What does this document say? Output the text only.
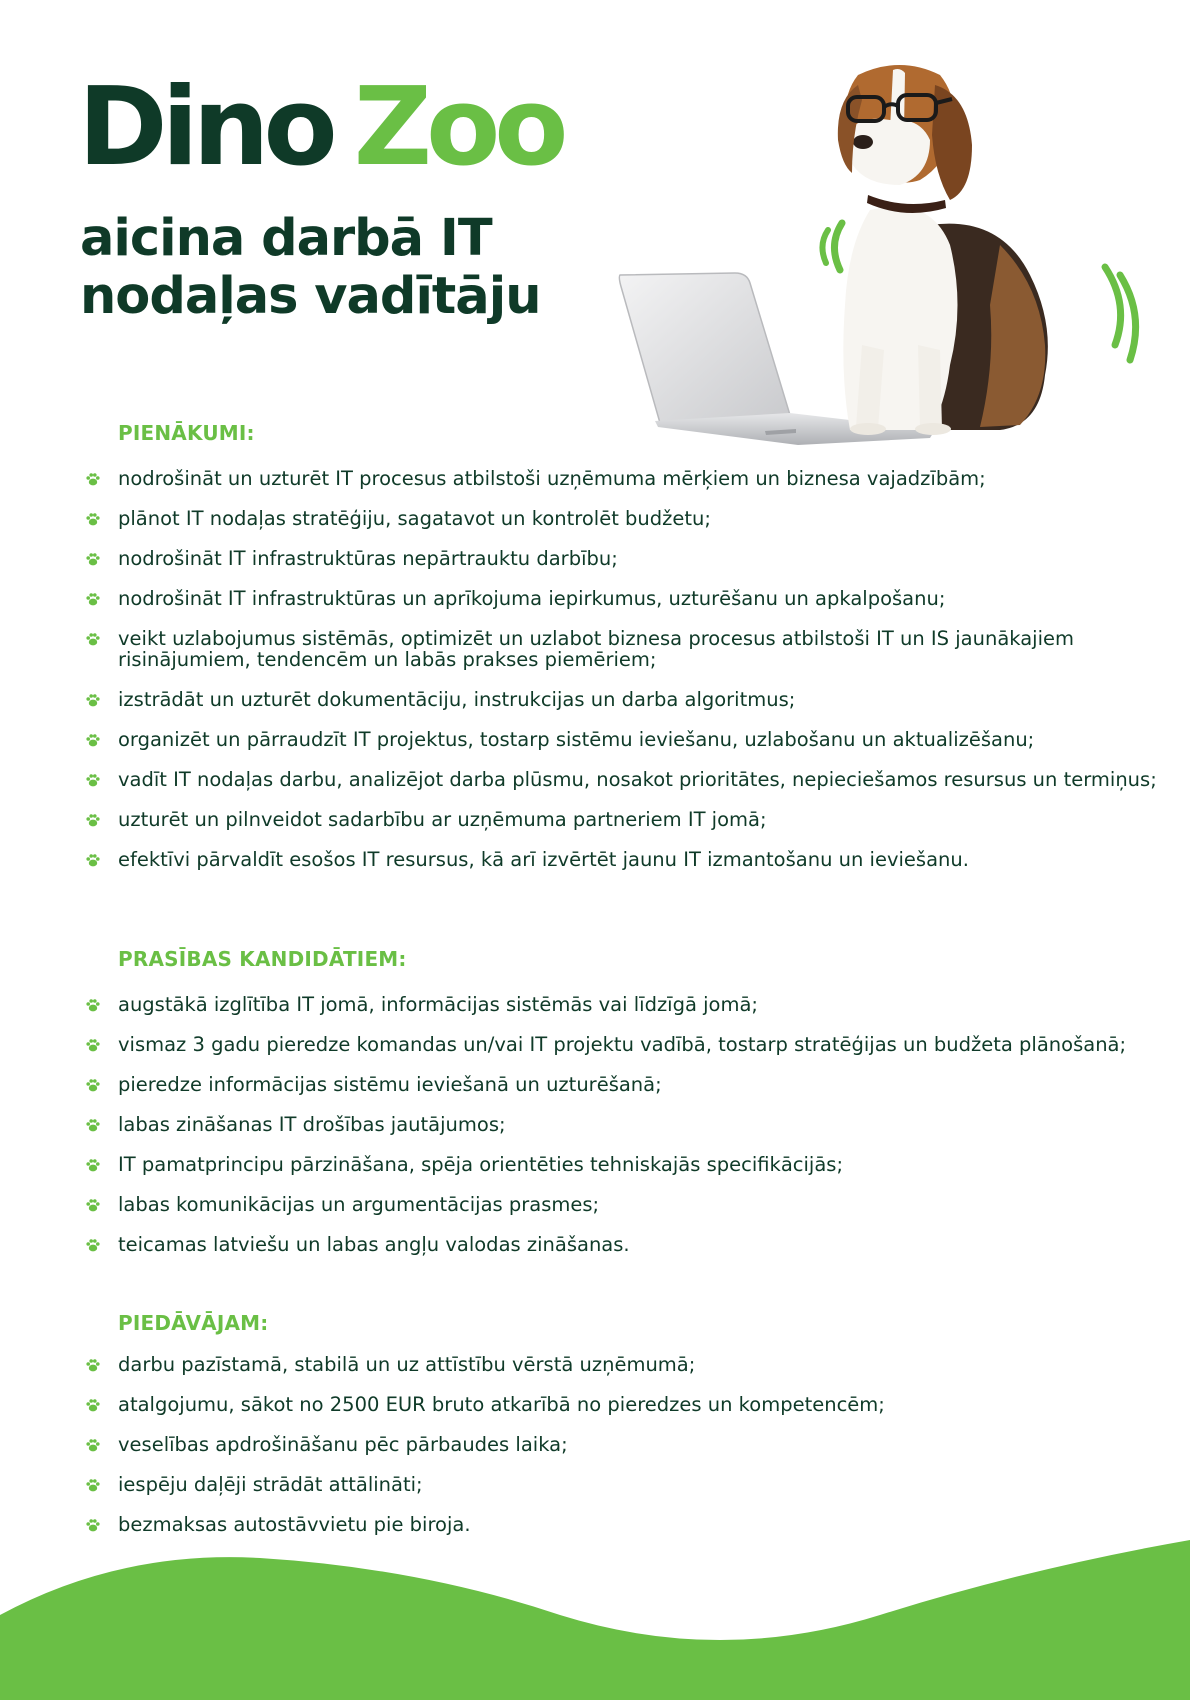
Dino Zoo
aicina darbā IT
nodaļas vadītāju
PIENĀKUMI:
nodrošināt un uzturēt IT procesus atbilstoši uzņēmuma mērķiem un biznesa vajadzībām;
plānot IT nodaļas stratēģiju, sagatavot un kontrolēt budžetu;
nodrošināt IT infrastruktūras nepārtrauktu darbību;
nodrošināt IT infrastruktūras un aprīkojuma iepirkumus, uzturēšanu un apkalpošanu;
veikt uzlabojumus sistēmās, optimizēt un uzlabot biznesa procesus atbilstoši IT un IS jaunākajiem risinājumiem, tendencēm un labās prakses piemēriem;
izstrādāt un uzturēt dokumentāciju, instrukcijas un darba algoritmus;
organizēt un pārraudzīt IT projektus, tostarp sistēmu ieviešanu, uzlabošanu un aktualizēšanu;
vadīt IT nodaļas darbu, analizējot darba plūsmu, nosakot prioritātes, nepieciešamos resursus un termiņus;
uzturēt un pilnveidot sadarbību ar uzņēmuma partneriem IT jomā;
efektīvi pārvaldīt esošos IT resursus, kā arī izvērtēt jaunu IT izmantošanu un ieviešanu.
PRASĪBAS KANDIDĀTIEM:
augstākā izglītība IT jomā, informācijas sistēmās vai līdzīgā jomā;
vismaz 3 gadu pieredze komandas un/vai IT projektu vadībā, tostarp stratēģijas un budžeta plānošanā;
pieredze informācijas sistēmu ieviešanā un uzturēšanā;
labas zināšanas IT drošības jautājumos;
IT pamatprincipu pārzināšana, spēja orientēties tehniskajās specifikācijās;
labas komunikācijas un argumentācijas prasmes;
teicamas latviešu un labas angļu valodas zināšanas.
PIEDĀVĀJAM:
darbu pazīstamā, stabilā un uz attīstību vērstā uzņēmumā;
atalgojumu, sākot no 2500 EUR bruto atkarībā no pieredzes un kompetencēm;
veselības apdrošināšanu pēc pārbaudes laika;
iespēju daļēji strādāt attālināti;
bezmaksas autostāvvietu pie biroja.
